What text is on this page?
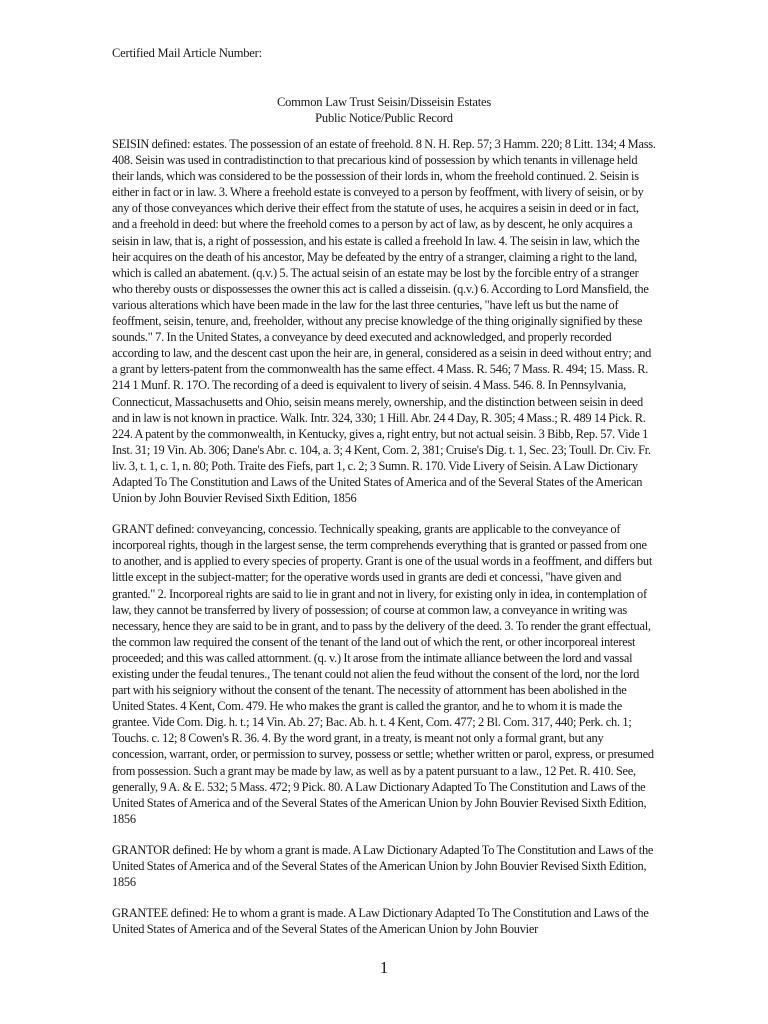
Certified Mail Article Number:
Common Law Trust Seisin/Disseisin Estates
Public Notice/Public Record

SEISIN defined: estates. The possession of an estate of freehold. 8 N. H. Rep. 57; 3 Hamm. 220; 8 Litt. 134; 4 Mass. 408. Seisin was used in contradistinction to that precarious kind of possession by which tenants in villenage held their lands, which was considered to be the possession of their lords in, whom the freehold continued. 2. Seisin is either in fact or in law. 3. Where a freehold estate is conveyed to a person by feoffment, with livery of seisin, or by any of those conveyances which derive their effect from the statute of uses, he acquires a seisin in deed or in fact, and a freehold in deed: but where the freehold comes to a person by act of law, as by descent, he only acquires a seisin in law, that is, a right of possession, and his estate is called a freehold In law. 4. The seisin in law, which the heir acquires on the death of his ancestor, May be defeated by the entry of a stranger, claiming a right to the land, which is called an abatement. (q.v.) 5. The actual seisin of an estate may be lost by the forcible entry of a stranger who thereby ousts or dispossesses the owner this act is called a disseisin. (q.v.) 6. According to Lord Mansfield, the various alterations which have been made in the law for the last three centuries, "have left us but the name of feoffment, seisin, tenure, and, freeholder, without any precise knowledge of the thing originally signified by these sounds." 7. In the United States, a conveyance by deed executed and acknowledged, and properly recorded according to law, and the descent cast upon the heir are, in general, considered as a seisin in deed without entry; and a grant by letters-patent from the commonwealth has the same effect. 4 Mass. R. 546; 7 Mass. R. 494; 15. Mass. R. 214 1 Munf. R. 17O. The recording of a deed is equivalent to livery of seisin. 4 Mass. 546. 8. In Pennsylvania, Connecticut, Massachusetts and Ohio, seisin means merely, ownership, and the distinction between seisin in deed and in law is not known in practice. Walk. Intr. 324, 330; 1 Hill. Abr. 24 4 Day, R. 305; 4 Mass.; R. 489 14 Pick. R. 224. A patent by the commonwealth, in Kentucky, gives a, right entry, but not actual seisin. 3 Bibb, Rep. 57. Vide 1 Inst. 31; 19 Vin. Ab. 306; Dane's Abr. c. 104, a. 3; 4 Kent, Com. 2, 381; Cruise's Dig. t. 1, Sec. 23; Toull. Dr. Civ. Fr. liv. 3, t. 1, c. 1, n. 80; Poth. Traite des Fiefs, part 1, c. 2; 3 Sumn. R. 170. Vide Livery of Seisin. A Law Dictionary Adapted To The Constitution and Laws of the United States of America and of the Several States of the American Union by John Bouvier Revised Sixth Edition, 1856

GRANT defined: conveyancing, concessio. Technically speaking, grants are applicable to the conveyance of incorporeal rights, though in the largest sense, the term comprehends everything that is granted or passed from one to another, and is applied to every species of property. Grant is one of the usual words in a feoffment, and differs but little except in the subject-matter; for the operative words used in grants are dedi et concessi, "have given and granted." 2. Incorporeal rights are said to lie in grant and not in livery, for existing only in idea, in contemplation of law, they cannot be transferred by livery of possession; of course at common law, a conveyance in writing was necessary, hence they are said to be in grant, and to pass by the delivery of the deed. 3. To render the grant effectual, the common law required the consent of the tenant of the land out of which the rent, or other incorporeal interest proceeded; and this was called attornment. (q. v.) It arose from the intimate alliance between the lord and vassal existing under the feudal tenures., The tenant could not alien the feud without the consent of the lord, nor the lord part with his seigniory without the consent of the tenant. The necessity of attornment has been abolished in the United States. 4 Kent, Com. 479. He who makes the grant is called the grantor, and he to whom it is made the grantee. Vide Com. Dig. h. t.; 14 Vin. Ab. 27; Bac. Ab. h. t. 4 Kent, Com. 477; 2 Bl. Com. 317, 440; Perk. ch. 1; Touchs. c. 12; 8 Cowen's R. 36. 4. By the word grant, in a treaty, is meant not only a formal grant, but any concession, warrant, order, or permission to survey, possess or settle; whether written or parol, express, or presumed from possession. Such a grant may be made by law, as well as by a patent pursuant to a law., 12 Pet. R. 410. See, generally, 9 A. & E. 532; 5 Mass. 472; 9 Pick. 80. A Law Dictionary Adapted To The Constitution and Laws of the United States of America and of the Several States of the American Union by John Bouvier Revised Sixth Edition, 1856

GRANTOR defined: He by whom a grant is made. A Law Dictionary Adapted To The Constitution and Laws of the United States of America and of the Several States of the American Union by John Bouvier Revised Sixth Edition, 1856

GRANTEE defined: He to whom a grant is made. A Law Dictionary Adapted To The Constitution and Laws of the United States of America and of the Several States of the American Union by John Bouvier

1
